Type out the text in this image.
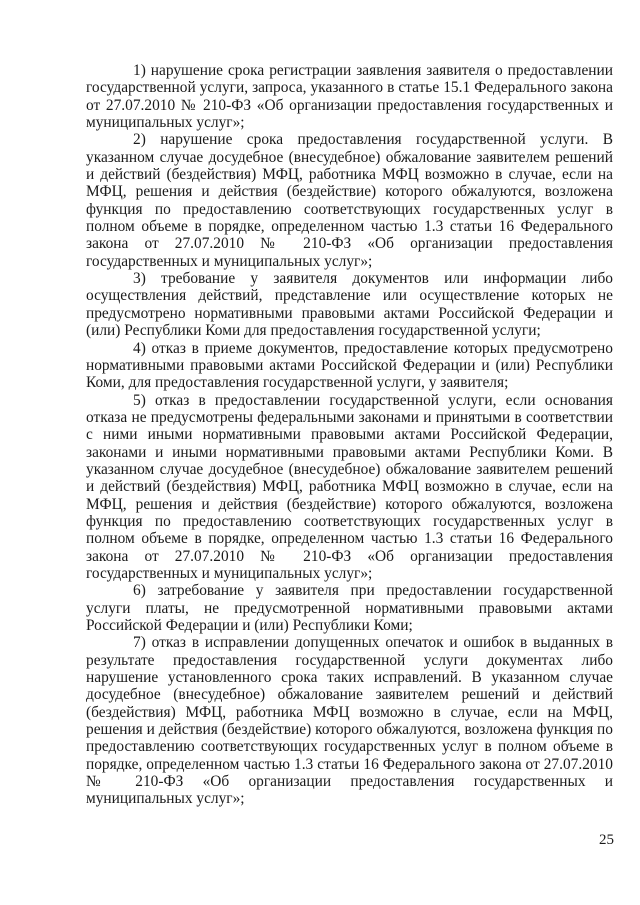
1) нарушение срока регистрации заявления заявителя о предоставлении государственной услуги, запроса, указанного в статье 15.1 Федерального закона от 27.07.2010 № 210-ФЗ «Об организации предоставления государственных и муниципальных услуг»;

2) нарушение срока предоставления государственной услуги. В указанном случае досудебное (внесудебное) обжалование заявителем решений и действий (бездействия) МФЦ, работника МФЦ возможно в случае, если на МФЦ, решения и действия (бездействие) которого обжалуются, возложена функция по предоставлению соответствующих государственных услуг в полном объеме в порядке, определенном частью 1.3 статьи 16 Федерального закона от 27.07.2010 № 210-ФЗ «Об организации предоставления государственных и муниципальных услуг»;

3) требование у заявителя документов или информации либо осуществления действий, представление или осуществление которых не предусмотрено нормативными правовыми актами Российской Федерации и (или) Республики Коми для предоставления государственной услуги;

4) отказ в приеме документов, предоставление которых предусмотрено нормативными правовыми актами Российской Федерации и (или) Республики Коми, для предоставления государственной услуги, у заявителя;

5) отказ в предоставлении государственной услуги, если основания отказа не предусмотрены федеральными законами и принятыми в соответствии с ними иными нормативными правовыми актами Российской Федерации, законами и иными нормативными правовыми актами Республики Коми. В указанном случае досудебное (внесудебное) обжалование заявителем решений и действий (бездействия) МФЦ, работника МФЦ возможно в случае, если на МФЦ, решения и действия (бездействие) которого обжалуются, возложена функция по предоставлению соответствующих государственных услуг в полном объеме в порядке, определенном частью 1.3 статьи 16 Федерального закона от 27.07.2010 № 210-ФЗ «Об организации предоставления государственных и муниципальных услуг»;

6) затребование у заявителя при предоставлении государственной услуги платы, не предусмотренной нормативными правовыми актами Российской Федерации и (или) Республики Коми;

7) отказ в исправлении допущенных опечаток и ошибок в выданных в результате предоставления государственной услуги документах либо нарушение установленного срока таких исправлений. В указанном случае досудебное (внесудебное) обжалование заявителем решений и действий (бездействия) МФЦ, работника МФЦ возможно в случае, если на МФЦ, решения и действия (бездействие) которого обжалуются, возложена функция по предоставлению соответствующих государственных услуг в полном объеме в порядке, определенном частью 1.3 статьи 16 Федерального закона от 27.07.2010 № 210-ФЗ «Об организации предоставления государственных и муниципальных услуг»;

25
